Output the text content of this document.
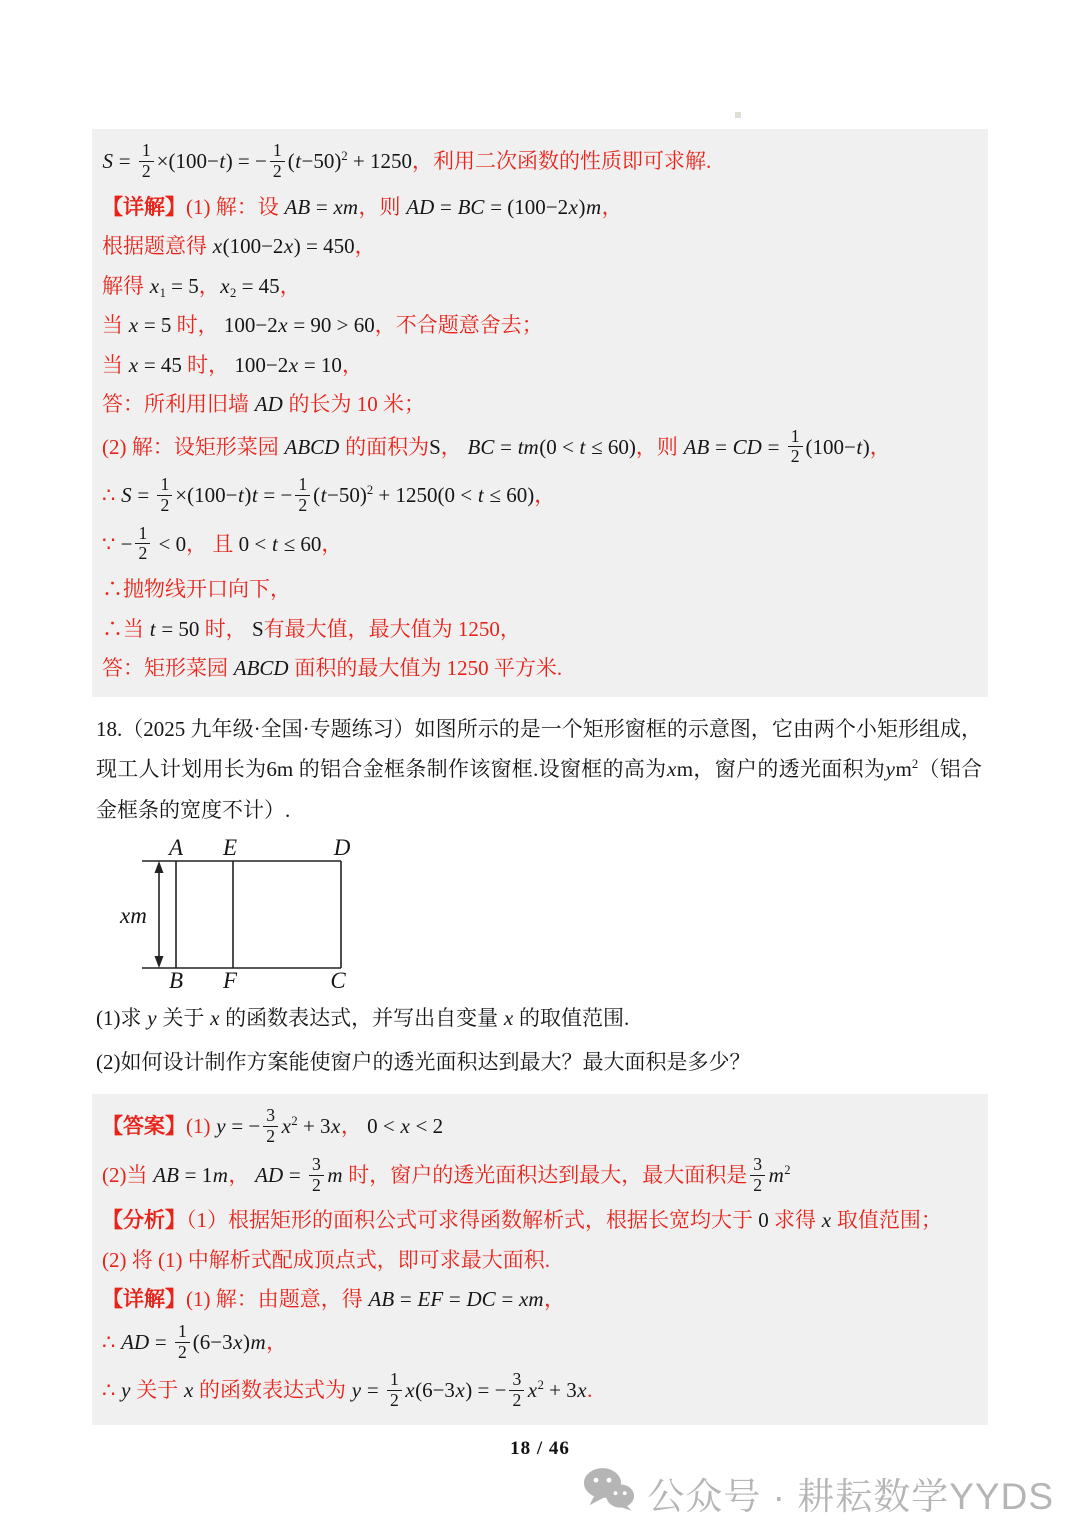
$S = \frac{1}{2} \times(100-t)$ = − $\frac{1}{2} (t-50)^2 + 1250$，利用二次函数的性质即可求解.

【详解】(1) 解：设 AB = xm，则 AD = BC = (100−2x)m，

根据题意得 x(100−2x) = 450，

解得 $x_1 = 5$，$x_2 = 45$，

当 x = 5 时， 100−2x = 90 > 60，不合题意舍去；

当 x = 45 时， 100−2x = 10，

答：所利用旧墙 AD 的长为 10 米；

(2) 解：设矩形菜园 ABCD 的面积为S， BC = tm(0 < t ≤ 60)，则 AB = CD = $\frac{1}{2} (100-t)$，

∴ $S = \frac{1}{2} \times(100-t)t$ = − $\frac{1}{2} (t-50)^2 + 1250(0 < t \le 60)$，

∵ − $\frac{1}{2} < 0$， 且 0 < t ≤ 60，

∴抛物线开口向下，

∴当 t = 50 时， S有最大值，最大值为 1250，

答：矩形菜园 ABCD 面积的最大值为 1250 平方米.

18.（2025 九年级·全国·专题练习）如图所示的是一个矩形窗框的示意图，它由两个小矩形组成，现工人计划用长为6m 的铝合金框条制作该窗框.设窗框的高为xm，窗户的透光面积为$ym^2$（铝合金框条的宽度不计）.

A E	D
B F	C
xm

(1)求 y 关于 x 的函数表达式，并写出自变量 x 的取值范围.

(2)如何设计制作方案能使窗户的透光面积达到最大？最大面积是多少？

【答案】(1) y = − $\frac{3}{2} x^2 + 3x$， 0 < x < 2

(2)当 AB = 1m， AD = $\frac{3}{2}$ m 时，窗户的透光面积达到最大，最大面积是 $\frac{3}{2} m^2$

【分析】（1）根据矩形的面积公式可求得函数解析式，根据长宽均大于 0 求得 x 取值范围；

(2) 将 (1) 中解析式配成顶点式，即可求最大面积.

【详解】(1) 解：由题意，得 AB = EF = DC = xm，

∴ AD = $\frac{1}{2} (6-3x)m$，

∴ y 关于 x 的函数表达式为 $y = \frac{1}{2} x(6-3x)$ = − $\frac{3}{2} x^2 + 3x$.

18 / 46
公众号 · 耕耘数学YYDS
